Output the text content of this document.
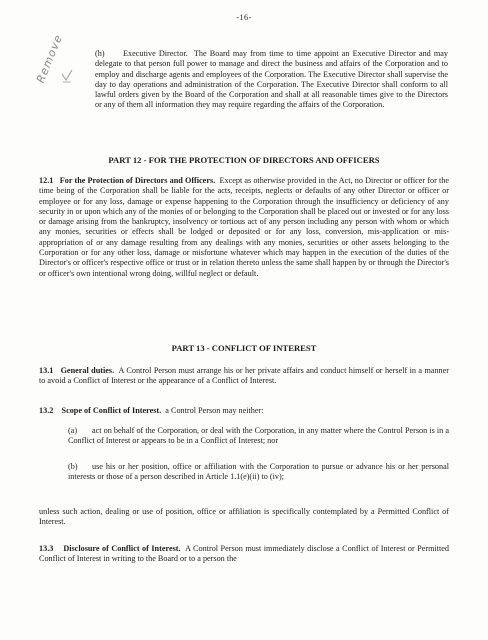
-16-
Remove	(h) Executive Director. The Board may from time to time appoint an Executive Director and may delegate to that person full power to manage and direct the business and affairs of the Corporation and to employ and discharge agents and employees of the Corporation. The Executive Director shall supervise the day to day operations and administration of the Corporation. The Executive Director shall conform to all lawful orders given by the Board of the Corporation and shall at all reasonable times give to the Directors or any of them all information they may require regarding the affairs of the Corporation.

PART 12 - FOR THE PROTECTION OF DIRECTORS AND OFFICERS

12.1 For the Protection of Directors and Officers. Except as otherwise provided in the Act, no Director or officer for the time being of the Corporation shall be liable for the acts, receipts, neglects or defaults of any other Director or officer or employee or for any loss, damage or expense happening to the Corporation through the insufficiency or deficiency of any security in or upon which any of the monies of or belonging to the Corporation shall be placed out or invested or for any loss or damage arising from the bankruptcy, insolvency or tortious act of any person including any person with whom or which any monies, securities or effects shall be lodged or deposited or for any loss, conversion, mis-application or mis-appropriation of or any damage resulting from any dealings with any monies, securities or other assets belonging to the Corporation or for any other loss, damage or misfortune whatever which may happen in the execution of the duties of the Director's or officer's respective office or trust or in relation thereto unless the same shall happen by or through the Director's or officer's own intentional wrong doing, willful neglect or default.

PART 13 - CONFLICT OF INTEREST

13.1 General duties. A Control Person must arrange his or her private affairs and conduct himself or herself in a manner to avoid a Conflict of Interest or the appearance of a Conflict of Interest.

13.2 Scope of Conflict of Interest. a Control Person may neither:

(a) act on behalf of the Corporation, or deal with the Corporation, in any matter where the Control Person is in a Conflict of Interest or appears to be in a Conflict of Interest; nor

(b) use his or her position, office or affiliation with the Corporation to pursue or advance his or her personal interests or those of a person described in Article 1.1(e)(ii) to (iv);

unless such action, dealing or use of position, office or affiliation is specifically contemplated by a Permitted Conflict of Interest.

13.3 Disclosure of Conflict of Interest. A Control Person must immediately disclose a Conflict of Interest or Permitted Conflict of Interest in writing to the Board or to a person the
